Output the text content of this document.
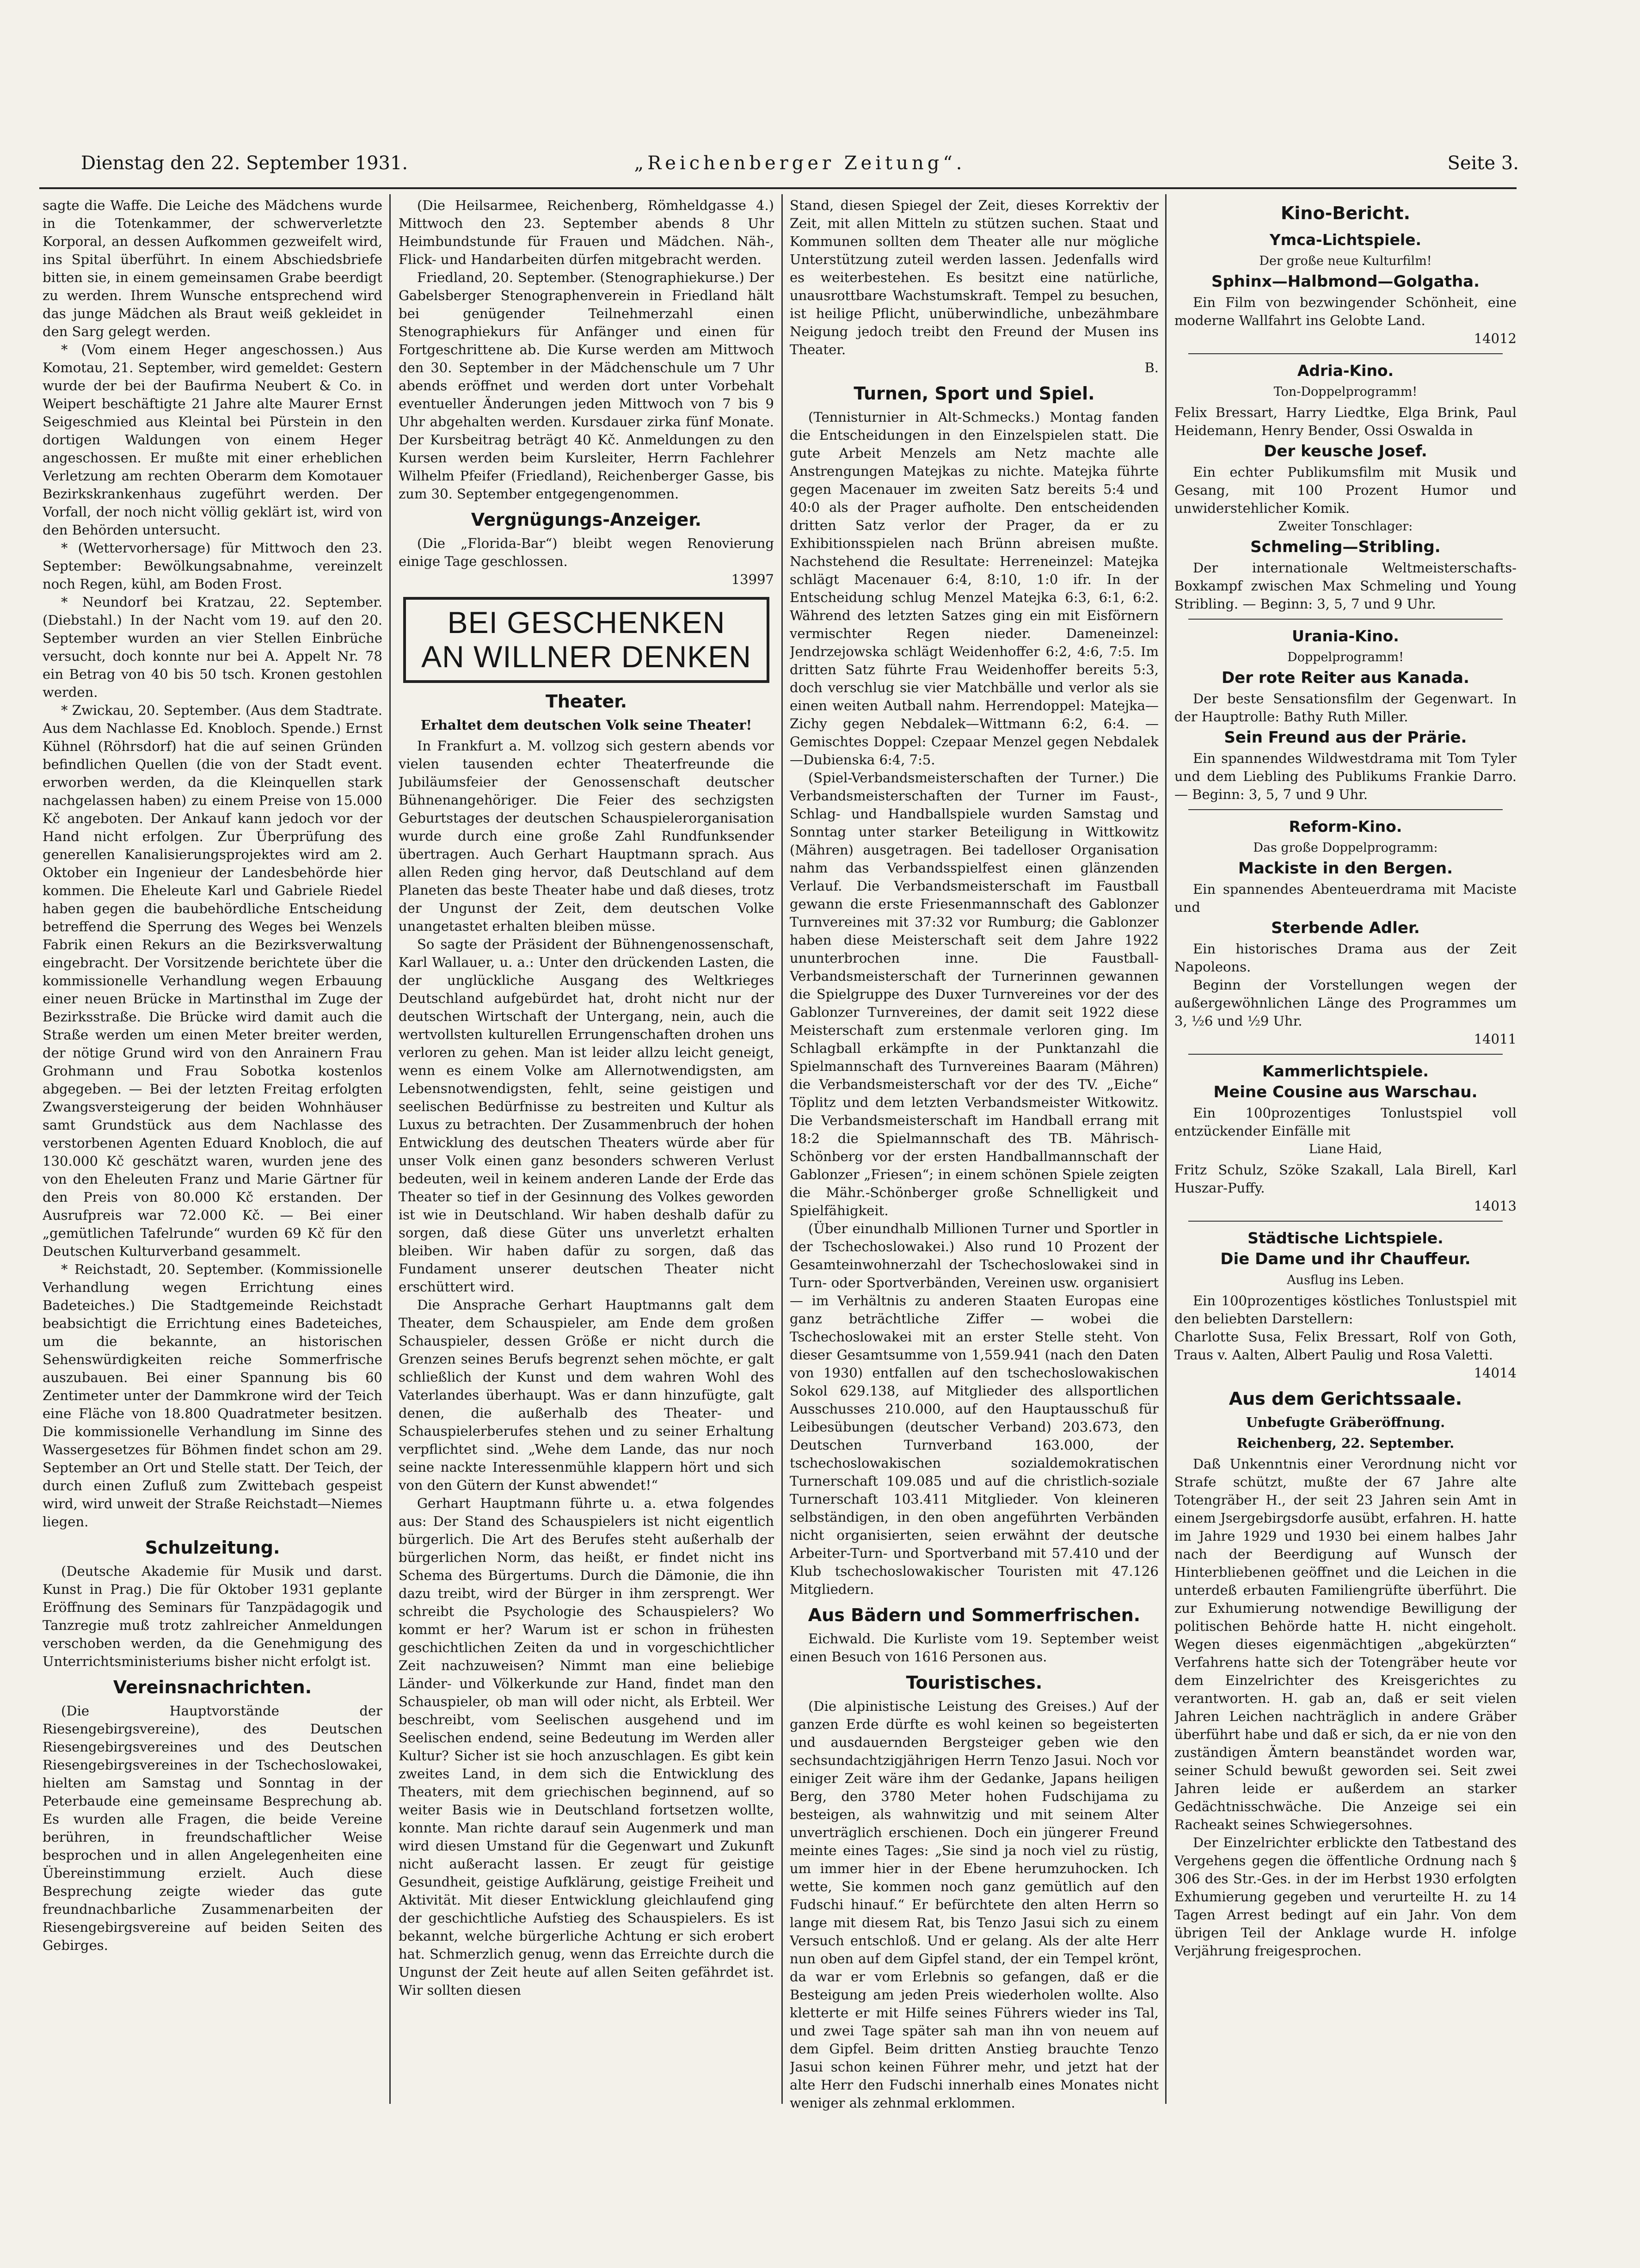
Dienstag den 22. September 1931.	„Reichenberger Zeitung“.	Seite 3.

sagte die Waffe. Die Leiche des Mädchens wurde in die Totenkammer, der schwerverletzte Korporal, an dessen Aufkommen gezweifelt wird, ins Spital überführt. In einem Abschiedsbriefe bitten sie, in einem gemeinsamen Grabe beerdigt zu werden. Ihrem Wunsche entsprechend wird das junge Mädchen als Braut weiß gekleidet in den Sarg gelegt werden.

* (Vom einem Heger angeschossen.) Aus Komotau, 21. September, wird gemeldet: Gestern wurde der bei der Baufirma Neubert & Co. in Weipert beschäftigte 21 Jahre alte Maurer Ernst Seigeschmied aus Kleintal bei Pürstein in den dortigen Waldungen von einem Heger angeschossen. Er mußte mit einer erheblichen Verletzung am rechten Oberarm dem Komotauer Bezirkskrankenhaus zugeführt werden. Der Vorfall, der noch nicht völlig geklärt ist, wird von den Behörden untersucht.

* (Wettervorhersage) für Mittwoch den 23. September: Bewölkungsabnahme, vereinzelt noch Regen, kühl, am Boden Frost.

* Neundorf bei Kratzau, 22. September. (Diebstahl.) In der Nacht vom 19. auf den 20. September wurden an vier Stellen Einbrüche versucht, doch konnte nur bei A. Appelt Nr. 78 ein Betrag von 40 bis 50 tsch. Kronen gestohlen werden.

* Zwickau, 20. September. (Aus dem Stadtrate. Aus dem Nachlasse Ed. Knobloch. Spende.) Ernst Kühnel (Röhrsdorf) hat die auf seinen Gründen befindlichen Quellen (die von der Stadt event. erworben werden, da die Kleinquellen stark nachgelassen haben) zu einem Preise von 15.000 Kč angeboten. Der Ankauf kann jedoch vor der Hand nicht erfolgen. Zur Überprüfung des generellen Kanalisierungsprojektes wird am 2. Oktober ein Ingenieur der Landesbehörde hier kommen. Die Eheleute Karl und Gabriele Riedel haben gegen die baubehördliche Entscheidung betreffend die Sperrung des Weges bei Wenzels Fabrik einen Rekurs an die Bezirksverwaltung eingebracht. Der Vorsitzende berichtete über die kommissionelle Verhandlung wegen Erbauung einer neuen Brücke in Martinsthal im Zuge der Bezirksstraße. Die Brücke wird damit auch die Straße werden um einen Meter breiter werden, der nötige Grund wird von den Anrainern Frau Grohmann und Frau Sobotka kostenlos abgegeben. — Bei der letzten Freitag erfolgten Zwangsversteigerung der beiden Wohnhäuser samt Grundstück aus dem Nachlasse des verstorbenen Agenten Eduard Knobloch, die auf 130.000 Kč geschätzt waren, wurden jene des von den Eheleuten Franz und Marie Gärtner für den Preis von 80.000 Kč erstanden. Der Ausrufpreis war 72.000 Kč. — Bei einer „gemütlichen Tafelrunde“ wurden 69 Kč für den Deutschen Kulturverband gesammelt.

* Reichstadt, 20. September. (Kommissionelle Verhandlung wegen Errichtung eines Badeteiches.) Die Stadtgemeinde Reichstadt beabsichtigt die Errichtung eines Badeteiches, um die bekannte, an historischen Sehenswürdigkeiten reiche Sommerfrische auszubauen. Bei einer Spannung bis 60 Zentimeter unter der Dammkrone wird der Teich eine Fläche von 18.800 Quadratmeter besitzen. Die kommissionelle Verhandlung im Sinne des Wassergesetzes für Böhmen findet schon am 29. September an Ort und Stelle statt. Der Teich, der durch einen Zufluß zum Zwittebach gespeist wird, wird unweit der Straße Reichstadt—Niemes liegen.

Schulzeitung.

(Deutsche Akademie für Musik und darst. Kunst in Prag.) Die für Oktober 1931 geplante Eröffnung des Seminars für Tanzpädagogik und Tanzregie muß trotz zahlreicher Anmeldungen verschoben werden, da die Genehmigung des Unterrichtsministeriums bisher nicht erfolgt ist.

Vereinsnachrichten.

(Die Hauptvorstände der Riesengebirgsvereine), des Deutschen Riesengebirgsvereines und des Deutschen Riesengebirgsvereines in der Tschechoslowakei, hielten am Samstag und Sonntag in der Peterbaude eine gemeinsame Besprechung ab. Es wurden alle Fragen, die beide Vereine berühren, in freundschaftlicher Weise besprochen und in allen Angelegenheiten eine Übereinstimmung erzielt. Auch diese Besprechung zeigte wieder das gute freundnachbarliche Zusammenarbeiten der Riesengebirgsvereine auf beiden Seiten des Gebirges.

(Die Heilsarmee, Reichenberg, Römheldgasse 4.) Mittwoch den 23. September abends 8 Uhr Heimbundstunde für Frauen und Mädchen. Näh-, Flick- und Handarbeiten dürfen mitgebracht werden.

Friedland, 20. September. (Stenographiekurse.) Der Gabelsberger Stenographenverein in Friedland hält bei genügender Teilnehmerzahl einen Stenographiekurs für Anfänger und einen für Fortgeschrittene ab. Die Kurse werden am Mittwoch den 30. September in der Mädchenschule um 7 Uhr abends eröffnet und werden dort unter Vorbehalt eventueller Änderungen jeden Mittwoch von 7 bis 9 Uhr abgehalten werden. Kursdauer zirka fünf Monate. Der Kursbeitrag beträgt 40 Kč. Anmeldungen zu den Kursen werden beim Kursleiter, Herrn Fachlehrer Wilhelm Pfeifer (Friedland), Reichenberger Gasse, bis zum 30. September entgegengenommen.

Vergnügungs-Anzeiger.

(Die „Florida-Bar“) bleibt wegen Renovierung einige Tage geschlossen.

13997
BEI GESCHENKEN
AN WILLNER DENKEN
Theater.
Erhaltet dem deutschen Volk seine Theater!

In Frankfurt a. M. vollzog sich gestern abends vor vielen tausenden echter Theaterfreunde die Jubiläumsfeier der Genossenschaft deutscher Bühnenangehöriger. Die Feier des sechzigsten Geburtstages der deutschen Schauspielerorganisation wurde durch eine große Zahl Rundfunksender übertragen. Auch Gerhart Hauptmann sprach. Aus allen Reden ging hervor, daß Deutschland auf dem Planeten das beste Theater habe und daß dieses, trotz der Ungunst der Zeit, dem deutschen Volke unangetastet erhalten bleiben müsse.

So sagte der Präsident der Bühnengenossenschaft, Karl Wallauer, u. a.: Unter den drückenden Lasten, die der unglückliche Ausgang des Weltkrieges Deutschland aufgebürdet hat, droht nicht nur der deutschen Wirtschaft der Untergang, nein, auch die wertvollsten kulturellen Errungenschaften drohen uns verloren zu gehen. Man ist leider allzu leicht geneigt, wenn es einem Volke am Allernotwendigsten, am Lebensnotwendigsten, fehlt, seine geistigen und seelischen Bedürfnisse zu bestreiten und Kultur als Luxus zu betrachten. Der Zusammenbruch der hohen Entwicklung des deutschen Theaters würde aber für unser Volk einen ganz besonders schweren Verlust bedeuten, weil in keinem anderen Lande der Erde das Theater so tief in der Gesinnung des Volkes geworden ist wie in Deutschland. Wir haben deshalb dafür zu sorgen, daß diese Güter uns unverletzt erhalten bleiben. Wir haben dafür zu sorgen, daß das Fundament unserer deutschen Theater nicht erschüttert wird.

Die Ansprache Gerhart Hauptmanns galt dem Theater, dem Schauspieler, am Ende dem großen Schauspieler, dessen Größe er nicht durch die Grenzen seines Berufs begrenzt sehen möchte, er galt schließlich der Kunst und dem wahren Wohl des Vaterlandes überhaupt. Was er dann hinzufügte, galt denen, die außerhalb des Theater- und Schauspielerberufes stehen und zu seiner Erhaltung verpflichtet sind. „Wehe dem Lande, das nur noch seine nackte Interessenmühle klappern hört und sich von den Gütern der Kunst abwendet!“

Gerhart Hauptmann führte u. a. etwa folgendes aus: Der Stand des Schauspielers ist nicht eigentlich bürgerlich. Die Art des Berufes steht außerhalb der bürgerlichen Norm, das heißt, er findet nicht ins Schema des Bürgertums. Durch die Dämonie, die ihn dazu treibt, wird der Bürger in ihm zersprengt. Wer schreibt die Psychologie des Schauspielers? Wo kommt er her? Warum ist er schon in frühesten geschichtlichen Zeiten da und in vorgeschichtlicher Zeit nachzuweisen? Nimmt man eine beliebige Länder- und Völkerkunde zur Hand, findet man den Schauspieler, ob man will oder nicht, als Erbteil. Wer beschreibt, vom Seelischen ausgehend und im Seelischen endend, seine Bedeutung im Werden aller Kultur? Sicher ist sie hoch anzuschlagen. Es gibt kein zweites Land, in dem sich die Entwicklung des Theaters, mit dem griechischen beginnend, auf so weiter Basis wie in Deutschland fortsetzen wollte, konnte. Man richte darauf sein Augenmerk und man wird diesen Umstand für die Gegenwart und Zukunft nicht außeracht lassen. Er zeugt für geistige Gesundheit, geistige Aufklärung, geistige Freiheit und Aktivität. Mit dieser Entwicklung gleichlaufend ging der geschichtliche Aufstieg des Schauspielers. Es ist bekannt, welche bürgerliche Achtung er sich erobert hat. Schmerzlich genug, wenn das Erreichte durch die Ungunst der Zeit heute auf allen Seiten gefährdet ist. Wir sollten diesen

Stand, diesen Spiegel der Zeit, dieses Korrektiv der Zeit, mit allen Mitteln zu stützen suchen. Staat und Kommunen sollten dem Theater alle nur mögliche Unterstützung zuteil werden lassen. Jedenfalls wird es weiterbestehen. Es besitzt eine natürliche, unausrottbare Wachstumskraft. Tempel zu besuchen, ist heilige Pflicht, unüberwindliche, unbezähmbare Neigung jedoch treibt den Freund der Musen ins Theater.

B.
Turnen, Sport und Spiel.

(Tennisturnier in Alt-Schmecks.) Montag fanden die Entscheidungen in den Einzelspielen statt. Die gute Arbeit Menzels am Netz machte alle Anstrengungen Matejkas zu nichte. Matejka führte gegen Macenauer im zweiten Satz bereits 5:4 und 40:0 als der Prager aufholte. Den entscheidenden dritten Satz verlor der Prager, da er zu Exhibitionsspielen nach Brünn abreisen mußte. Nachstehend die Resultate: Herreneinzel: Matejka schlägt Macenauer 6:4, 8:10, 1:0 ifr. In der Entscheidung schlug Menzel Matejka 6:3, 6:1, 6:2. Während des letzten Satzes ging ein mit Eisförnern vermischter Regen nieder. Dameneinzel: Jendrzejowska schlägt Weidenhoffer 6:2, 4:6, 7:5. Im dritten Satz führte Frau Weidenhoffer bereits 5:3, doch verschlug sie vier Matchbälle und verlor als sie einen weiten Autball nahm. Herrendoppel: Matejka—Zichy gegen Nebdalek—Wittmann 6:2, 6:4. — Gemischtes Doppel: Czepaar Menzel gegen Nebdalek—Dubienska 6:4, 7:5.

(Spiel-Verbandsmeisterschaften der Turner.) Die Verbandsmeisterschaften der Turner im Faust-, Schlag- und Handballspiele wurden Samstag und Sonntag unter starker Beteiligung in Wittkowitz (Mähren) ausgetragen. Bei tadelloser Organisation nahm das Verbandsspielfest einen glänzenden Verlauf. Die Verbandsmeisterschaft im Faustball gewann die erste Friesenmannschaft des Gablonzer Turnvereines mit 37:32 vor Rumburg; die Gablonzer haben diese Meisterschaft seit dem Jahre 1922 ununterbrochen inne. Die Faustball-Verbandsmeisterschaft der Turnerinnen gewannen die Spielgruppe des Duxer Turnvereines vor der des Gablonzer Turnvereines, der damit seit 1922 diese Meisterschaft zum erstenmale verloren ging. Im Schlagball erkämpfte in der Punktanzahl die Spielmannschaft des Turnvereines Baaram (Mähren) die Verbandsmeisterschaft vor der des TV. „Eiche“ Töplitz und dem letzten Verbandsmeister Witkowitz. Die Verbandsmeisterschaft im Handball errang mit 18:2 die Spielmannschaft des TB. Mährisch-Schönberg vor der ersten Handballmannschaft der Gablonzer „Friesen“; in einem schönen Spiele zeigten die Mähr.-Schönberger große Schnelligkeit und Spielfähigkeit.

(Über einundhalb Millionen Turner und Sportler in der Tschechoslowakei.) Also rund 10 Prozent der Gesamteinwohnerzahl der Tschechoslowakei sind in Turn- oder Sportverbänden, Vereinen usw. organisiert — im Verhältnis zu anderen Staaten Europas eine ganz beträchtliche Ziffer — wobei die Tschechoslowakei mit an erster Stelle steht. Von dieser Gesamtsumme von 1,559.941 (nach den Daten von 1930) entfallen auf den tschechoslowakischen Sokol 629.138, auf Mitglieder des allsportlichen Ausschusses 210.000, auf den Hauptausschuß für Leibesübungen (deutscher Verband) 203.673, den Deutschen Turnverband 163.000, der tschechoslowakischen sozialdemokratischen Turnerschaft 109.085 und auf die christlich-soziale Turnerschaft 103.411 Mitglieder. Von kleineren selbständigen, in den oben angeführten Verbänden nicht organisierten, seien erwähnt der deutsche Arbeiter-Turn- und Sportverband mit 57.410 und der Klub tschechoslowakischer Touristen mit 47.126 Mitgliedern.

Aus Bädern und Sommerfrischen.

Eichwald. Die Kurliste vom 19. September weist einen Besuch von 1616 Personen aus.

Touristisches.

(Die alpinistische Leistung des Greises.) Auf der ganzen Erde dürfte es wohl keinen so begeisterten und ausdauernden Bergsteiger geben wie den sechsundachtzigjährigen Herrn Tenzo Jasui. Noch vor einiger Zeit wäre ihm der Gedanke, Japans heiligen Berg, den 3780 Meter hohen Fudschijama zu besteigen, als wahnwitzig und mit seinem Alter unverträglich erschienen. Doch ein jüngerer Freund meinte eines Tages: „Sie sind ja noch viel zu rüstig, um immer hier in der Ebene herumzuhocken. Ich wette, Sie kommen noch ganz gemütlich auf den Fudschi hinauf.“ Er befürchtete den alten Herrn so lange mit diesem Rat, bis Tenzo Jasui sich zu einem Versuch entschloß. Und er gelang. Als der alte Herr nun oben auf dem Gipfel stand, der ein Tempel krönt, da war er vom Erlebnis so gefangen, daß er die Besteigung am jeden Preis wiederholen wollte. Also kletterte er mit Hilfe seines Führers wieder ins Tal, und zwei Tage später sah man ihn von neuem auf dem Gipfel. Beim dritten Anstieg brauchte Tenzo Jasui schon keinen Führer mehr, und jetzt hat der alte Herr den Fudschi innerhalb eines Monates nicht weniger als zehnmal erklommen.

Kino-Bericht.
Ymca-Lichtspiele.
Der große neue Kulturfilm!
Sphinx—Halbmond—Golgatha.

Ein Film von bezwingender Schönheit, eine moderne Wallfahrt ins Gelobte Land.

14012
Adria-Kino.
Ton-Doppelprogramm!

Felix Bressart, Harry Liedtke, Elga Brink, Paul Heidemann, Henry Bender, Ossi Oswalda in

Der keusche Josef.

Ein echter Publikumsfilm mit Musik und Gesang, mit 100 Prozent Humor und unwiderstehlicher Komik.

Zweiter Tonschlager:
Schmeling—Stribling.

Der internationale Weltmeisterschafts-Boxkampf zwischen Max Schmeling und Young Stribling. — Beginn: 3, 5, 7 und 9 Uhr.

Urania-Kino.
Doppelprogramm!
Der rote Reiter aus Kanada.

Der beste Sensationsfilm der Gegenwart. In der Hauptrolle: Bathy Ruth Miller.

Sein Freund aus der Prärie.

Ein spannendes Wildwestdrama mit Tom Tyler und dem Liebling des Publikums Frankie Darro. — Beginn: 3, 5, 7 und 9 Uhr.

Reform-Kino.
Das große Doppelprogramm:
Mackiste in den Bergen.

Ein spannendes Abenteuerdrama mit Maciste und

Sterbende Adler.

Ein historisches Drama aus der Zeit Napoleons.

Beginn der Vorstellungen wegen der außergewöhnlichen Länge des Programmes um 3, ½6 und ½9 Uhr.

14011
Kammerlichtspiele.
Meine Cousine aus Warschau.

Ein 100prozentiges Tonlustspiel voll entzückender Einfälle mit

Liane Haid,

Fritz Schulz, Szöke Szakall, Lala Birell, Karl Huszar-Puffy.

14013
Städtische Lichtspiele.
Die Dame und ihr Chauffeur.
Ausflug ins Leben.

Ein 100prozentiges köstliches Tonlustspiel mit den beliebten Darstellern:

Charlotte Susa, Felix Bressart, Rolf von Goth, Traus v. Aalten, Albert Paulig und Rosa Valetti.

14014
Aus dem Gerichtssaale.
Unbefugte Gräberöffnung.
Reichenberg, 22. September.

Daß Unkenntnis einer Verordnung nicht vor Strafe schützt, mußte der 67 Jahre alte Totengräber H., der seit 23 Jahren sein Amt in einem Jsergebirgsdorfe ausübt, erfahren. H. hatte im Jahre 1929 und 1930 bei einem halbes Jahr nach der Beerdigung auf Wunsch der Hinterbliebenen geöffnet und die Leichen in die unterdeß erbauten Familiengrüfte überführt. Die zur Exhumierung notwendige Bewilligung der politischen Behörde hatte H. nicht eingeholt. Wegen dieses eigenmächtigen „abgekürzten“ Verfahrens hatte sich der Totengräber heute vor dem Einzelrichter des Kreisgerichtes zu verantworten. H. gab an, daß er seit vielen Jahren Leichen nachträglich in andere Gräber überführt habe und daß er sich, da er nie von den zuständigen Ämtern beanständet worden war, seiner Schuld bewußt geworden sei. Seit zwei Jahren leide er außerdem an starker Gedächtnisschwäche. Die Anzeige sei ein Racheakt seines Schwiegersohnes.

Der Einzelrichter erblickte den Tatbestand des Vergehens gegen die öffentliche Ordnung nach § 306 des Str.-Ges. in der im Herbst 1930 erfolgten Exhumierung gegeben und verurteilte H. zu 14 Tagen Arrest bedingt auf ein Jahr. Von dem übrigen Teil der Anklage wurde H. infolge Verjährung freigesprochen.
